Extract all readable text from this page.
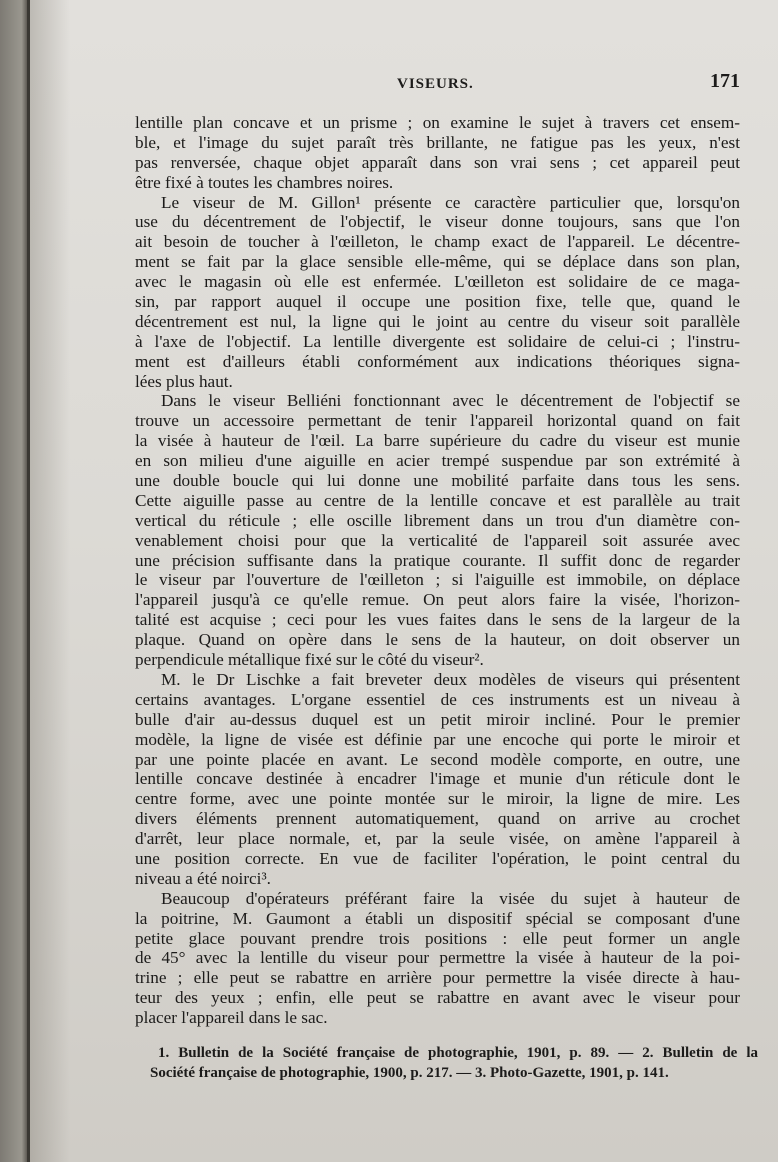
VISEURS.	171
lentille plan concave et un prisme ; on examine le sujet à travers cet ensem-
ble, et l'image du sujet paraît très brillante, ne fatigue pas les yeux, n'est
pas renversée, chaque objet apparaît dans son vrai sens ; cet appareil peut
être fixé à toutes les chambres noires.
Le viseur de M. Gillon¹ présente ce caractère particulier que, lorsqu'on
use du décentrement de l'objectif, le viseur donne toujours, sans que l'on
ait besoin de toucher à l'œilleton, le champ exact de l'appareil. Le décentre-
ment se fait par la glace sensible elle-même, qui se déplace dans son plan,
avec le magasin où elle est enfermée. L'œilleton est solidaire de ce maga-
sin, par rapport auquel il occupe une position fixe, telle que, quand le
décentrement est nul, la ligne qui le joint au centre du viseur soit parallèle
à l'axe de l'objectif. La lentille divergente est solidaire de celui-ci ; l'instru-
ment est d'ailleurs établi conformément aux indications théoriques signa-
lées plus haut.
Dans le viseur Belliéni fonctionnant avec le décentrement de l'objectif se
trouve un accessoire permettant de tenir l'appareil horizontal quand on fait
la visée à hauteur de l'œil. La barre supérieure du cadre du viseur est munie
en son milieu d'une aiguille en acier trempé suspendue par son extrémité à
une double boucle qui lui donne une mobilité parfaite dans tous les sens.
Cette aiguille passe au centre de la lentille concave et est parallèle au trait
vertical du réticule ; elle oscille librement dans un trou d'un diamètre con-
venablement choisi pour que la verticalité de l'appareil soit assurée avec
une précision suffisante dans la pratique courante. Il suffit donc de regarder
le viseur par l'ouverture de l'œilleton ; si l'aiguille est immobile, on déplace
l'appareil jusqu'à ce qu'elle remue. On peut alors faire la visée, l'horizon-
talité est acquise ; ceci pour les vues faites dans le sens de la largeur de la
plaque. Quand on opère dans le sens de la hauteur, on doit observer un
perpendicule métallique fixé sur le côté du viseur².
M. le Dr Lischke a fait breveter deux modèles de viseurs qui présentent
certains avantages. L'organe essentiel de ces instruments est un niveau à
bulle d'air au-dessus duquel est un petit miroir incliné. Pour le premier
modèle, la ligne de visée est définie par une encoche qui porte le miroir et
par une pointe placée en avant. Le second modèle comporte, en outre, une
lentille concave destinée à encadrer l'image et munie d'un réticule dont le
centre forme, avec une pointe montée sur le miroir, la ligne de mire. Les
divers éléments prennent automatiquement, quand on arrive au crochet
d'arrêt, leur place normale, et, par la seule visée, on amène l'appareil à
une position correcte. En vue de faciliter l'opération, le point central du
niveau a été noirci³.
Beaucoup d'opérateurs préférant faire la visée du sujet à hauteur de
la poitrine, M. Gaumont a établi un dispositif spécial se composant d'une
petite glace pouvant prendre trois positions : elle peut former un angle
de 45° avec la lentille du viseur pour permettre la visée à hauteur de la poi-
trine ; elle peut se rabattre en arrière pour permettre la visée directe à hau-
teur des yeux ; enfin, elle peut se rabattre en avant avec le viseur pour
placer l'appareil dans le sac.
1. Bulletin de la Société française de photographie, 1901, p. 89. — 2. Bulletin de la
Société française de photographie, 1900, p. 217. — 3. Photo-Gazette, 1901, p. 141.
